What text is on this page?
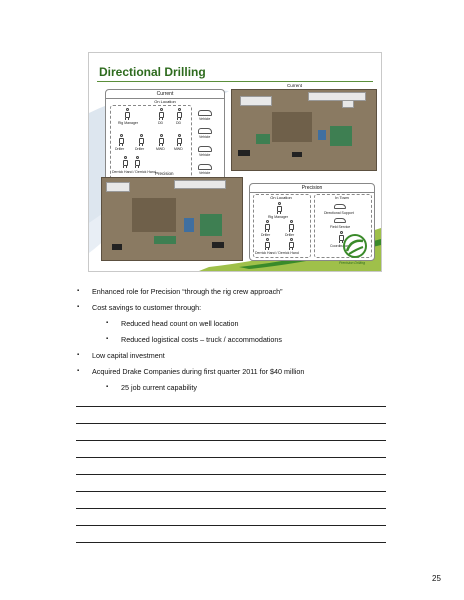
Directional Drilling
Current
On Location
Rig Manager	DD	DD
Driller	Driller	MWD	MWD
Derrick Hand / Derrick Hand
Vehicle
Vehicle
Vehicle
Vehicle
Current
Precision
Precision
On Location	In Town
Rig Manager
Driller	Driller
Derrick Hand / Derrick Hand
Directional Support
Field Service
Coordinator
Precision Drilling
▪ Enhanced role for Precision “through the rig crew approach”
▪ Cost savings to customer through:
▪ Reduced head count on well location
▪ Reduced logistical costs – truck / accommodations
▪ Low capital investment
▪ Acquired Drake Companies during first quarter 2011 for $40 million
▪ 25 job current capability
25
